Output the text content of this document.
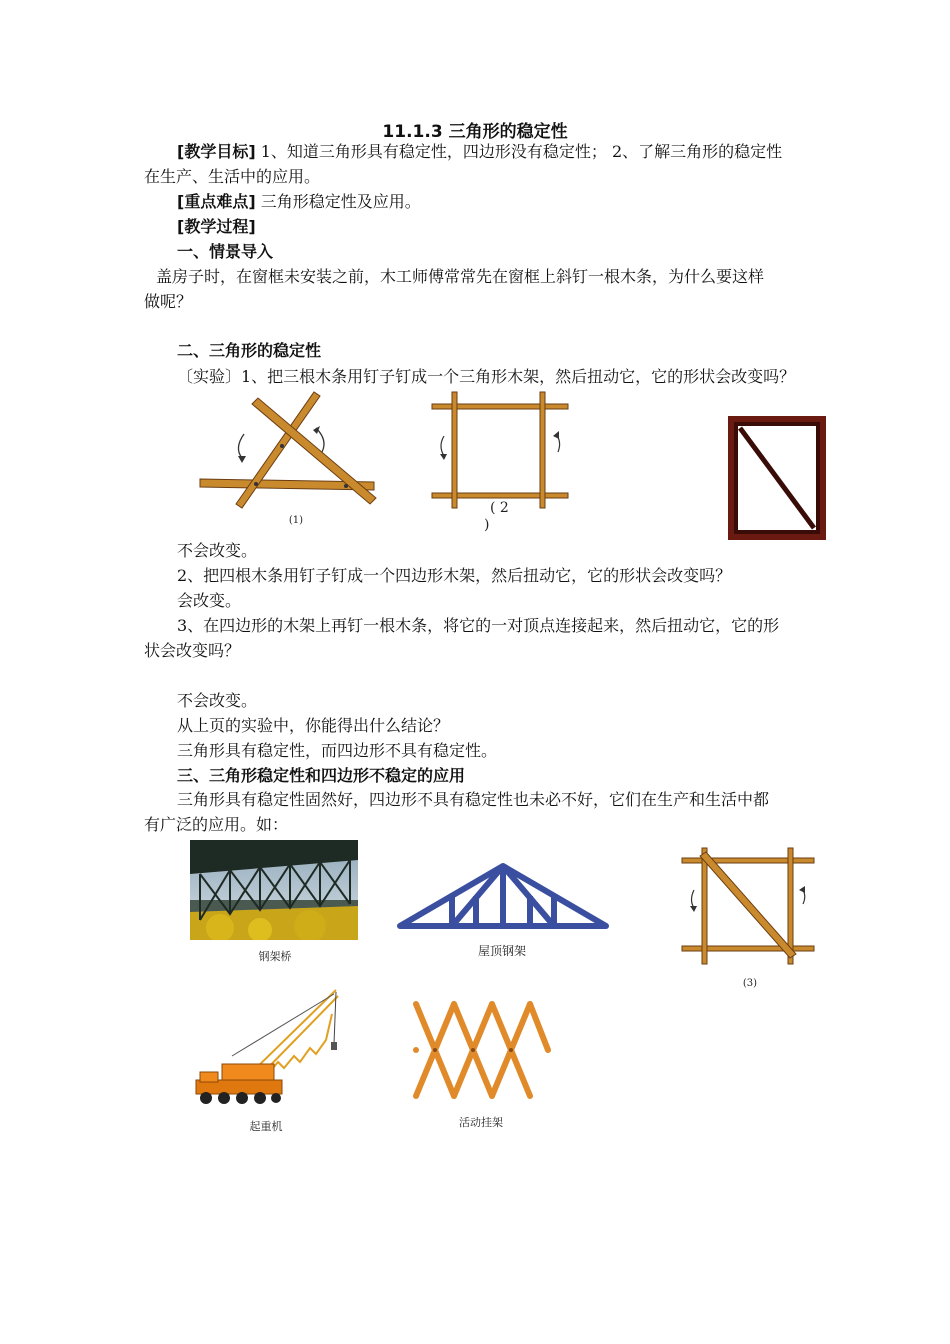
11.1.3 三角形的稳定性
[教学目标] 1、知道三角形具有稳定性，四边形没有稳定性； 2、了解三角形的稳定性
在生产、生活中的应用。
[重点难点] 三角形稳定性及应用。
[教学过程]
一、情景导入
盖房子时，在窗框未安装之前，木工师傅常常先在窗框上斜钉一根木条，为什么要这样
做呢？
二、三角形的稳定性
〔实验〕1、把三根木条用钉子钉成一个三角形木架，然后扭动它，它的形状会改变吗？
(1)
( 2
)
不会改变。
2、把四根木条用钉子钉成一个四边形木架，然后扭动它，它的形状会改变吗？
会改变。
3、在四边形的木架上再钉一根木条，将它的一对顶点连接起来，然后扭动它，它的形
状会改变吗？
不会改变。
从上页的实验中，你能得出什么结论？
三角形具有稳定性，而四边形不具有稳定性。
三、三角形稳定性和四边形不稳定的应用
三角形具有稳定性固然好，四边形不具有稳定性也未必不好，它们在生产和生活中都
有广泛的应用。如：
钢架桥	屋顶钢架
(3)
起重机	活动挂架
